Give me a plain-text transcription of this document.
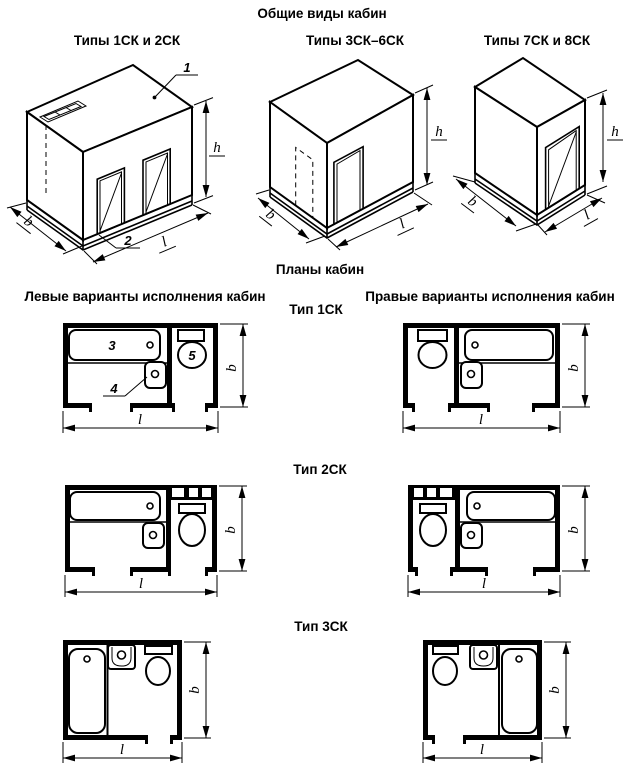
Общие виды кабин
Типы 1СК и 2СК	Типы 3СК–6СК	Типы 7СК и 8СК
Планы кабин
Левые варианты исполнения кабин	Правые варианты исполнения кабин
Тип 1СК
Тип 2СК
Тип 3СК
1
2
b
l
h
b
l
h
b
l
h
3
5
4
b
l
b
l
b
l
b
l
b
l
b
l
